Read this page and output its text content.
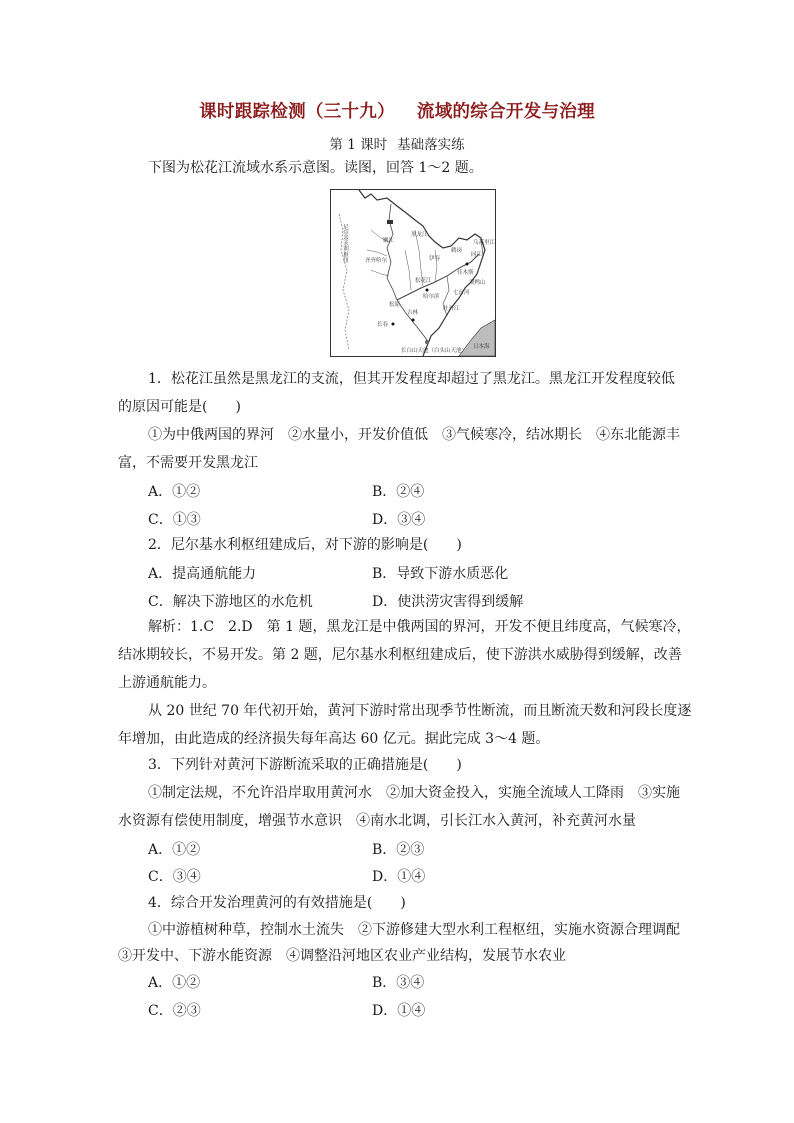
课时跟踪检测（三十九） 流域的综合开发与治理
第 1 课时 基础落实练
下图为松花江流域水系示意图。读图，回答 1～2 题。
尼尔基水利枢纽	嫩江
松花江
黑龙江
佳木斯
乌苏里江
哈尔滨
长春
吉林
长白山天池（白头山天池）
日本海
鹤岗
双鸭山
牡丹江
松原
齐齐哈尔	伊春
同江
七台河
1．松花江虽然是黑龙江的支流，但其开发程度却超过了黑龙江。黑龙江开发程度较低
的原因可能是(　　)
①为中俄两国的界河　②水量小，开发价值低　③气候寒冷，结冰期长　④东北能源丰
富，不需要开发黑龙江
A．①②	B．②④
C．①③	D．③④
2．尼尔基水利枢纽建成后，对下游的影响是(　　)
A．提高通航能力	B．导致下游水质恶化
C．解决下游地区的水危机	D．使洪涝灾害得到缓解
解析：1.C　2.D　第 1 题，黑龙江是中俄两国的界河，开发不便且纬度高，气候寒冷，
结冰期较长，不易开发。第 2 题，尼尔基水利枢纽建成后，使下游洪水威胁得到缓解，改善
上游通航能力。
从 20 世纪 70 年代初开始，黄河下游时常出现季节性断流，而且断流天数和河段长度逐
年增加，由此造成的经济损失每年高达 60 亿元。据此完成 3～4 题。
3．下列针对黄河下游断流采取的正确措施是(　　)
①制定法规，不允许沿岸取用黄河水　②加大资金投入，实施全流域人工降雨　③实施
水资源有偿使用制度，增强节水意识　④南水北调，引长江水入黄河，补充黄河水量
A．①②	B．②③
C．③④	D．①④
4．综合开发治理黄河的有效措施是(　　)
①中游植树种草，控制水土流失　②下游修建大型水利工程枢纽，实施水资源合理调配
③开发中、下游水能资源　④调整沿河地区农业产业结构，发展节水农业
A．①②	B．③④
C．②③	D．①④
